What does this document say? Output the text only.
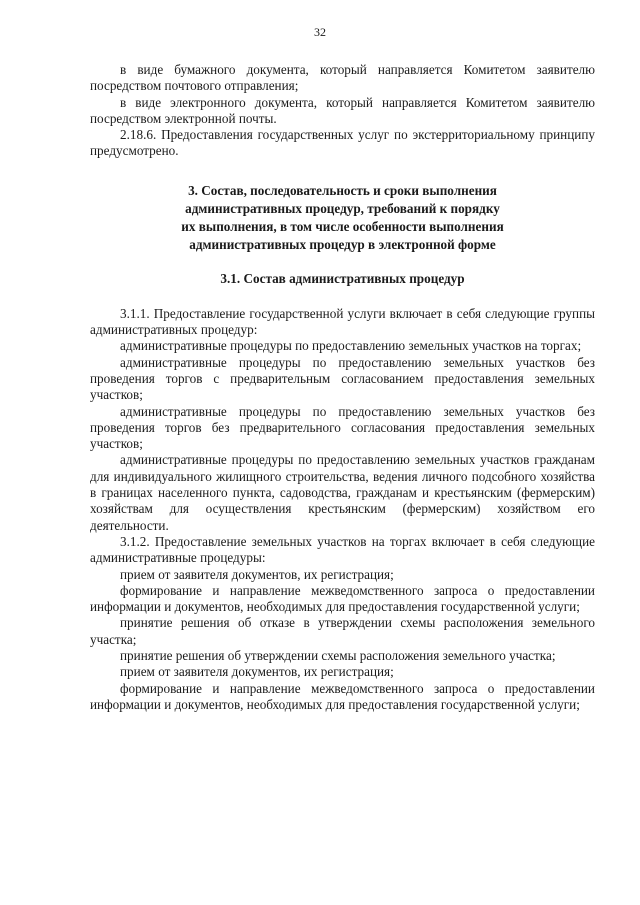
32

в виде бумажного документа, который направляется Комитетом заявителю посредством почтового отправления;

в виде электронного документа, который направляется Комитетом заявителю посредством электронной почты.

2.18.6. Предоставления государственных услуг по экстерриториальному принципу предусмотрено.

3. Состав, последовательность и сроки выполнения
административных процедур, требований к порядку
их выполнения, в том числе особенности выполнения
административных процедур в электронной форме
3.1. Состав административных процедур

3.1.1. Предоставление государственной услуги включает в себя следующие группы административных процедур:

административные процедуры по предоставлению земельных участков на торгах;

административные процедуры по предоставлению земельных участков без проведения торгов с предварительным согласованием предоставления земельных участков;

административные процедуры по предоставлению земельных участков без проведения торгов без предварительного согласования предоставления земельных участков;

административные процедуры по предоставлению земельных участков гражданам для индивидуального жилищного строительства, ведения личного подсобного хозяйства в границах населенного пункта, садоводства, гражданам и крестьянским (фермерским) хозяйствам для осуществления крестьянским (фермерским) хозяйством его деятельности.

3.1.2. Предоставление земельных участков на торгах включает в себя следующие административные процедуры:

прием от заявителя документов, их регистрация;

формирование и направление межведомственного запроса о предоставлении информации и документов, необходимых для предоставления государственной услуги;

принятие решения об отказе в утверждении схемы расположения земельного участка;

принятие решения об утверждении схемы расположения земельного участка;

прием от заявителя документов, их регистрация;

формирование и направление межведомственного запроса о предоставлении информации и документов, необходимых для предоставления государственной услуги;
